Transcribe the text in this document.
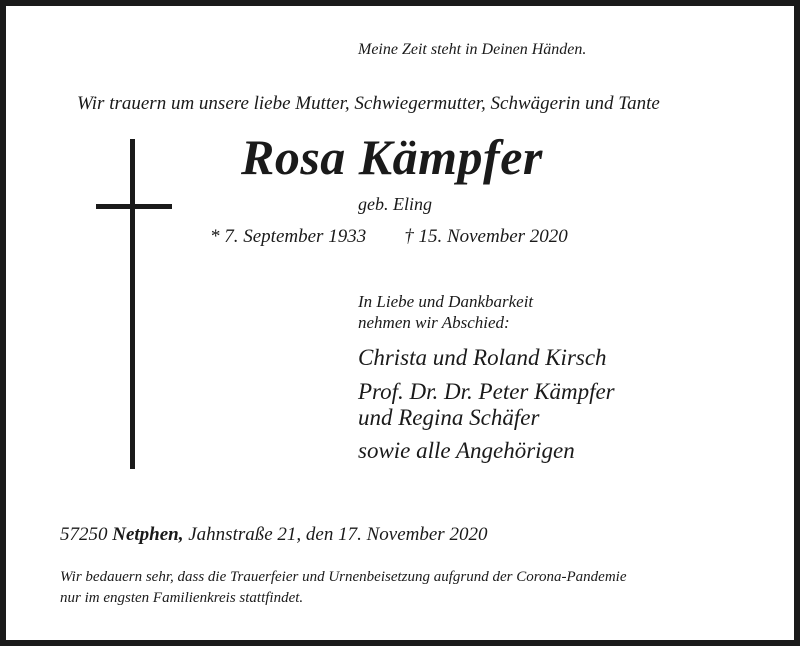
Meine Zeit steht in Deinen Händen.
Wir trauern um unsere liebe Mutter, Schwiegermutter, Schwägerin und Tante
Rosa Kämpfer
geb. Eling
* 7. September 1933 † 15. November 2020
In Liebe und Dankbarkeit
nehmen wir Abschied:
Christa und Roland Kirsch
Prof. Dr. Dr. Peter Kämpfer
und Regina Schäfer
sowie alle Angehörigen
57250 Netphen, Jahnstraße 21, den 17. November 2020
Wir bedauern sehr, dass die Trauerfeier und Urnenbeisetzung aufgrund der Corona-Pandemie
nur im engsten Familienkreis stattfindet.
